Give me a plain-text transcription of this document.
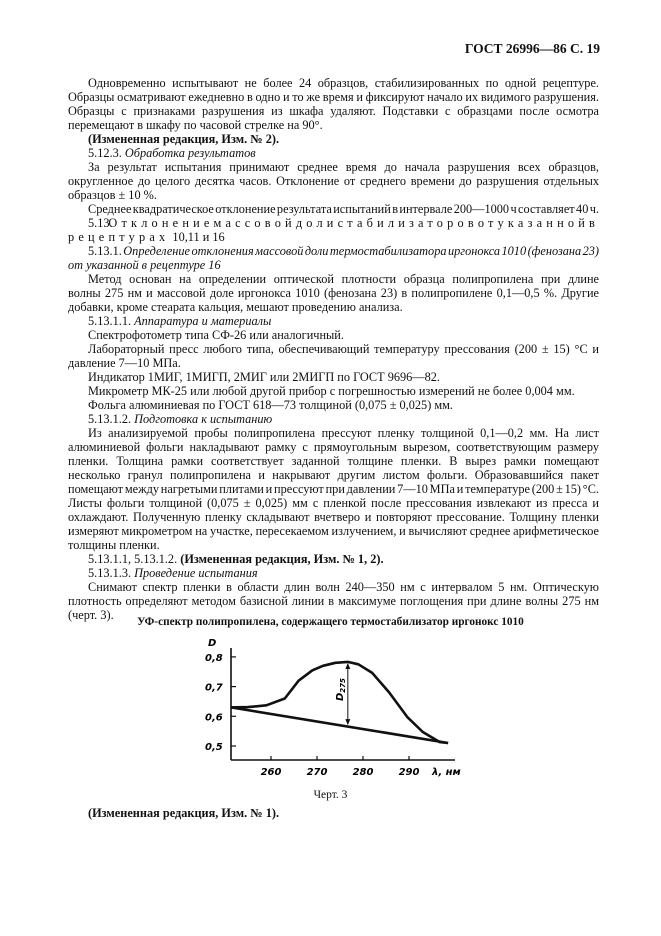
ГОСТ 26996—86 С. 19
Одновременно испытывают не более 24 образцов, стабилизированных по одной рецептуре.
Образцы осматривают ежедневно в одно и то же время и фиксируют начало их видимого разрушения.
Образцы с признаками разрушения из шкафа удаляют. Подставки с образцами после осмотра
перемещают в шкафу по часовой стрелке на 90°.
(Измененная редакция, Изм. № 2).
5.12.3. Обработка результатов
За результат испытания принимают среднее время до начала разрушения всех образцов,
округленное до целого десятка часов. Отклонение от среднего времени до разрушения отдельных
образцов ± 10 %.
Среднее квадратическое отклонение результата испытаний в интервале 200—1000 ч составляет 40 ч.
5.13. Отклонение массовой доли стабилизаторов от указанной в
рецептурах 10,11 и 16
5.13.1. Определение отклонения массовой доли термостабилизатора иргонокса 1010 (фенозана 23)
от указанной в рецептуре 16
Метод основан на определении оптической плотности образца полипропилена при длине
волны 275 нм и массовой доле иргонокса 1010 (фенозана 23) в полипропилене 0,1—0,5 %. Другие
добавки, кроме стеарата кальция, мешают проведению анализа.
5.13.1.1. Аппаратура и материалы
Спектрофотометр типа СФ-26 или аналогичный.
Лабораторный пресс любого типа, обеспечивающий температуру прессования (200 ± 15) °С и
давление 7—10 МПа.
Индикатор 1МИГ, 1МИГП, 2МИГ или 2МИГП по ГОСТ 9696—82.
Микрометр МК-25 или любой другой прибор с погрешностью измерений не более 0,004 мм.
Фольга алюминиевая по ГОСТ 618—73 толщиной (0,075 ± 0,025) мм.
5.13.1.2. Подготовка к испытанию
Из анализируемой пробы полипропилена прессуют пленку толщиной 0,1—0,2 мм. На лист
алюминиевой фольги накладывают рамку с прямоугольным вырезом, соответствующим размеру
пленки. Толщина рамки соответствует заданной толщине пленки. В вырез рамки помещают
несколько гранул полипропилена и накрывают другим листом фольги. Образовавшийся пакет
помещают между нагретыми плитами и прессуют при давлении 7—10 МПа и температуре (200 ± 15) °С.
Листы фольги толщиной (0,075 ± 0,025) мм с пленкой после прессования извлекают из пресса и
охлаждают. Полученную пленку складывают вчетверо и повторяют прессование. Толщину пленки
измеряют микрометром на участке, пересекаемом излучением, и вычисляют среднее арифметическое
толщины пленки.
5.13.1.1, 5.13.1.2. (Измененная редакция, Изм. № 1, 2).
5.13.1.3. Проведение испытания
Снимают спектр пленки в области длин волн 240—350 нм с интервалом 5 нм. Оптическую
плотность определяют методом базисной линии в максимуме поглощения при длине волны 275 нм
(черт. 3).
D
λ, нм
0,5
0,6
0,7
0,8
260	270	280	290
$D_{275}$
УФ-спектр полипропилена, содержащего термостабилизатор иргонокс 1010
Черт. 3
(Измененная редакция, Изм. № 1).
